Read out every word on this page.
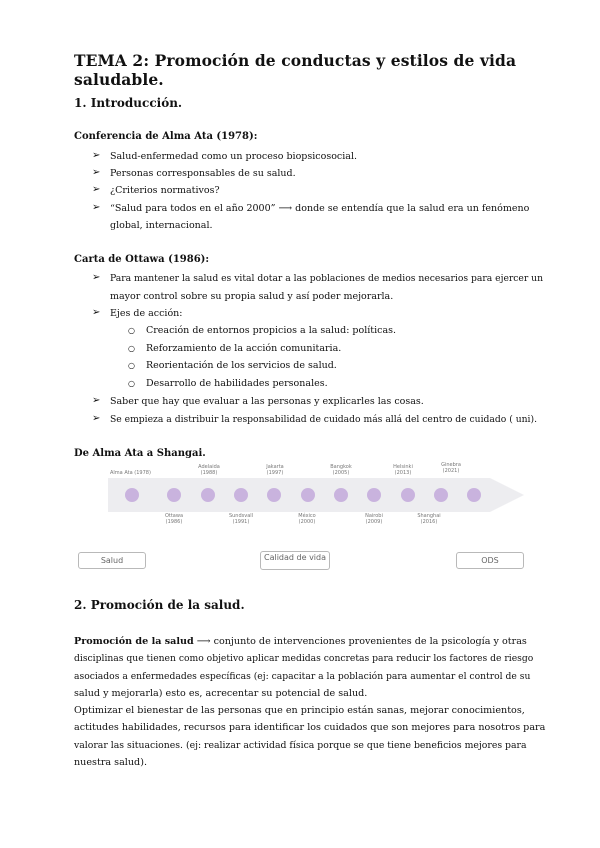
TEMA 2: Promoción de conductas y estilos de vida saludable.
1. Introducción.
Conferencia de Alma Ata (1978):
➢ Salud-enfermedad como un proceso biopsicosocial.
➢ Personas corresponsables de su salud.
➢ ¿Criterios normativos?
➢ “Salud para todos en el año 2000” ⟶ donde se entendía que la salud era un fenómeno
global, internacional.
Carta de Ottawa (1986):
➢ Para mantener la salud es vital dotar a las poblaciones de medios necesarios para ejercer un
mayor control sobre su propia salud y así poder mejorarla.
➢ Ejes de acción:
○ Creación de entornos propicios a la salud: políticas.
○ Reforzamiento de la acción comunitaria.
○ Reorientación de los servicios de salud.
○ Desarrollo de habilidades personales.
➢ Saber que hay que evaluar a las personas y explicarles las cosas.
➢ Se empieza a distribuir la responsabilidad de cuidado más allá del centro de cuidado ( uni).
De Alma Ata a Shangai.
Alma Ata (1978)
Adelaida (1988)
Jakarta (1997)
Bangkok (2005)
Helsinki (2013)
Ginebra (2021)
Ottawa (1986)
Sundsvall (1991)
México (2000)
Nairobi (2009)
Shanghai (2016)
Salud	Calidad de vida	ODS
2. Promoción de la salud.
Promoción de la salud ⟶ conjunto de intervenciones provenientes de la psicología y otras
disciplinas que tienen como objetivo aplicar medidas concretas para reducir los factores de riesgo
asociados a enfermedades específicas (ej: capacitar a la población para aumentar el control de su
salud y mejorarla) esto es, acrecentar su potencial de salud.
Optimizar el bienestar de las personas que en principio están sanas, mejorar conocimientos,
actitudes habilidades, recursos para identificar los cuidados que son mejores para nosotros para
valorar las situaciones. (ej: realizar actividad física porque se que tiene beneficios mejores para
nuestra salud).
